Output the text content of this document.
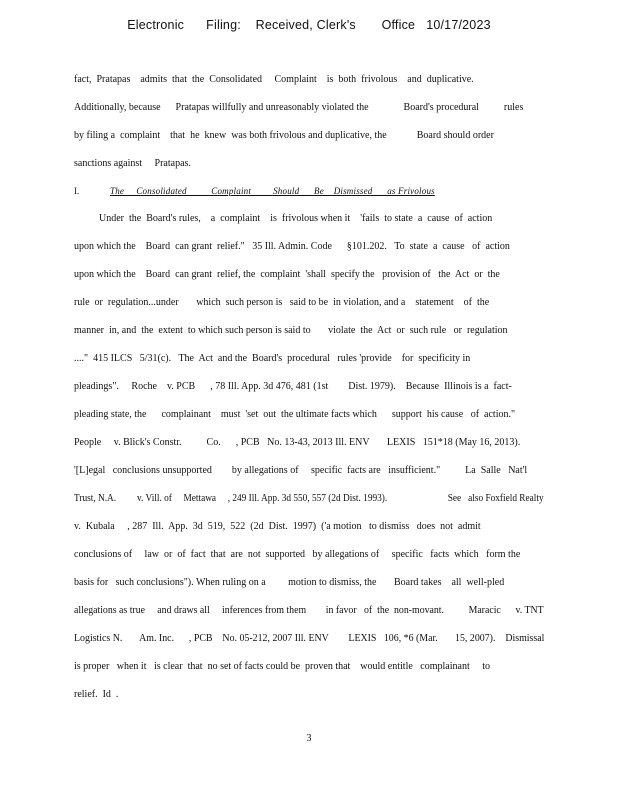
Electronic      Filing:    Received, Clerk's       Office   10/17/2023
fact,  Pratapas    admits  that  the  Consolidated     Complaint    is  both  frivolous    and  duplicative.
Additionally, because      Pratapas willfully and unreasonably violated the              Board's procedural          rules
by filing a  complaint    that  he  knew  was both frivolous and duplicative, the            Board should order
sanctions against     Pratapas.
I.	The     Consolidated          Complaint         Should      Be    Dismissed      as Frivolous
Under  the  Board's rules,    a  complaint    is  frivolous when it    'fails  to state  a  cause  of  action
upon which the    Board  can grant  relief."   35 Ill. Admin. Code      §101.202.   To  state  a  cause   of  action
upon which the    Board  can grant  relief, the  complaint  'shall  specify the   provision of   the  Act  or  the
rule  or  regulation...under       which  such person is   said to be  in violation, and a    statement    of  the
manner  in, and  the  extent  to which such person is said to       violate  the  Act  or  such rule   or  regulation
...."  415 ILCS   5/31(c).   The  Act  and the  Board's  procedural   rules 'provide    for  specificity in
pleadings".     Roche    v. PCB      , 78 Ill. App. 3d 476, 481 (1st        Dist. 1979).    Because  Illinois is a  fact-
pleading state, the      complainant    must  'set  out  the ultimate facts which      support  his cause   of  action."
People     v. Blick's Constr.          Co.      , PCB   No. 13-43, 2013 Ill. ENV       LEXIS   151*18 (May 16, 2013).
'[L]egal   conclusions unsupported        by allegations of     specific  facts are   insufficient."          La  Salle   Nat'l
Trust, N.A.         v. Vill. of     Mettawa     , 249 Ill. App. 3d 550, 557 (2d Dist. 1993).                          See   also Foxfield Realty
v.  Kubala     , 287  Ill.  App.  3d  519,  522  (2d  Dist.  1997)  ('a motion   to dismiss   does  not  admit
conclusions of     law  or  of  fact  that  are  not  supported   by allegations of     specific   facts  which   form the
basis for   such conclusions"). When ruling on a         motion to dismiss, the       Board takes    all  well-pled
allegations as true     and draws all     inferences from them        in favor   of  the  non-movant.          Maracic      v. TNT
Logistics N.       Am. Inc.      , PCB    No. 05-212, 2007 Ill. ENV        LEXIS   106, *6 (Mar.       15, 2007).    Dismissal
is proper   when it   is clear  that  no set of facts could be  proven that    would entitle   complainant     to
relief.  Id  .
3
